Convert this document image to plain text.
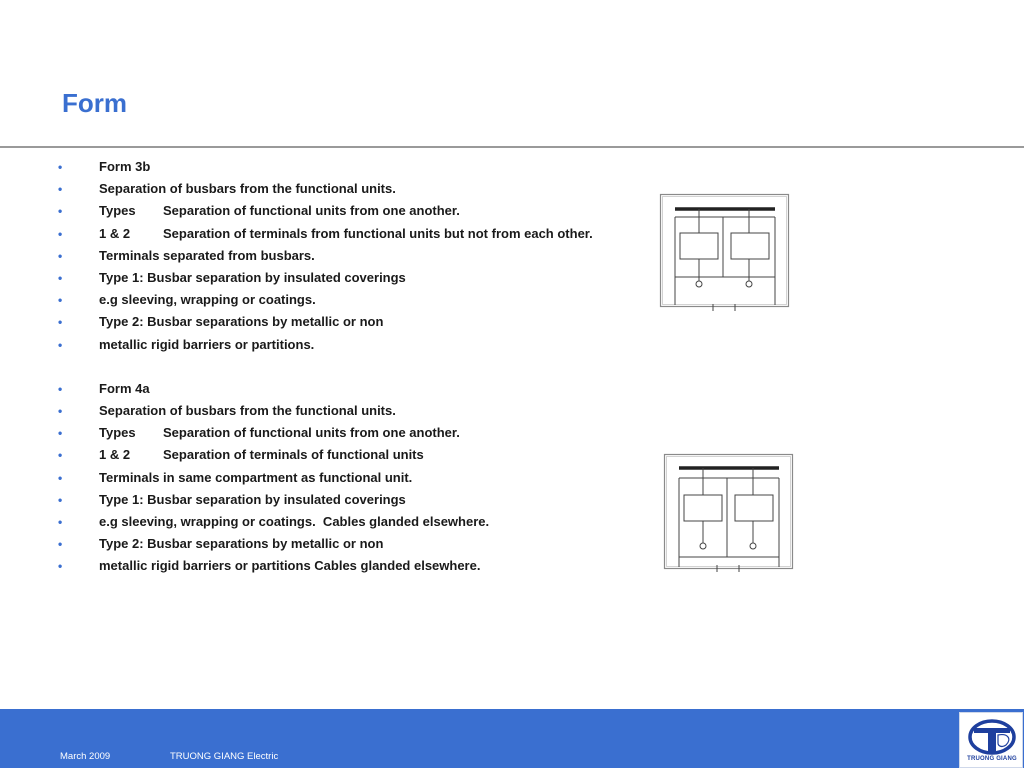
Form
•	Form 3b
•	Separation of busbars from the functional units.
•	Types Separation of functional units from one another.
•	1 & 2	Separation of terminals from functional units but not from each other.
•	Terminals separated from busbars.
•	Type 1: Busbar separation by insulated coverings
•	e.g sleeving, wrapping or coatings.
•	Type 2: Busbar separations by metallic or non
•	metallic rigid barriers or partitions.
•	Form 4a
•	Separation of busbars from the functional units.
•	Types Separation of functional units from one another.
•	1 & 2	Separation of terminals of functional units
•	Terminals in same compartment as functional unit.
•	Type 1: Busbar separation by insulated coverings
•	e.g sleeving, wrapping or coatings.  Cables glanded elsewhere.
•	Type 2: Busbar separations by metallic or non
•	metallic rigid barriers or partitions Cables glanded elsewhere.
March 2009	TRUONG GIANG Electric	TRUONG GIANG
